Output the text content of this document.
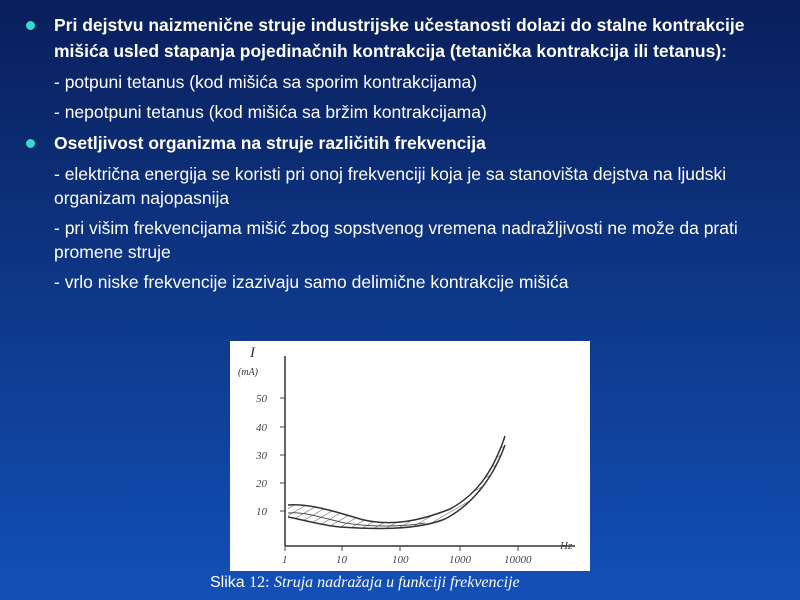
Pri dejstvu naizmenične struje industrijske učestanosti dolazi do stalne kontrakcije mišića usled stapanja pojedinačnih kontrakcija (tetanička kontrakcija ili tetanus):
- potpuni tetanus (kod mišića sa sporim kontrakcijama)
- nepotpuni tetanus (kod mišića sa bržim kontrakcijama)
Osetljivost organizma na struje različitih frekvencija
- električna energija se koristi pri onoj frekvenciji koja je sa stanovišta dejstva na ljudski organizam najopasnija
- pri višim frekvencijama mišić zbog sopstvenog vremena nadražljivosti ne može da prati promene struje
- vrlo niske frekvencije izazivaju samo delimične kontrakcije mišića
I
(mA)
50
40
30
20
10
1	10	100	1000	10000
Hz
Slika 12: Struja nadražaja u funkciji frekvencije
